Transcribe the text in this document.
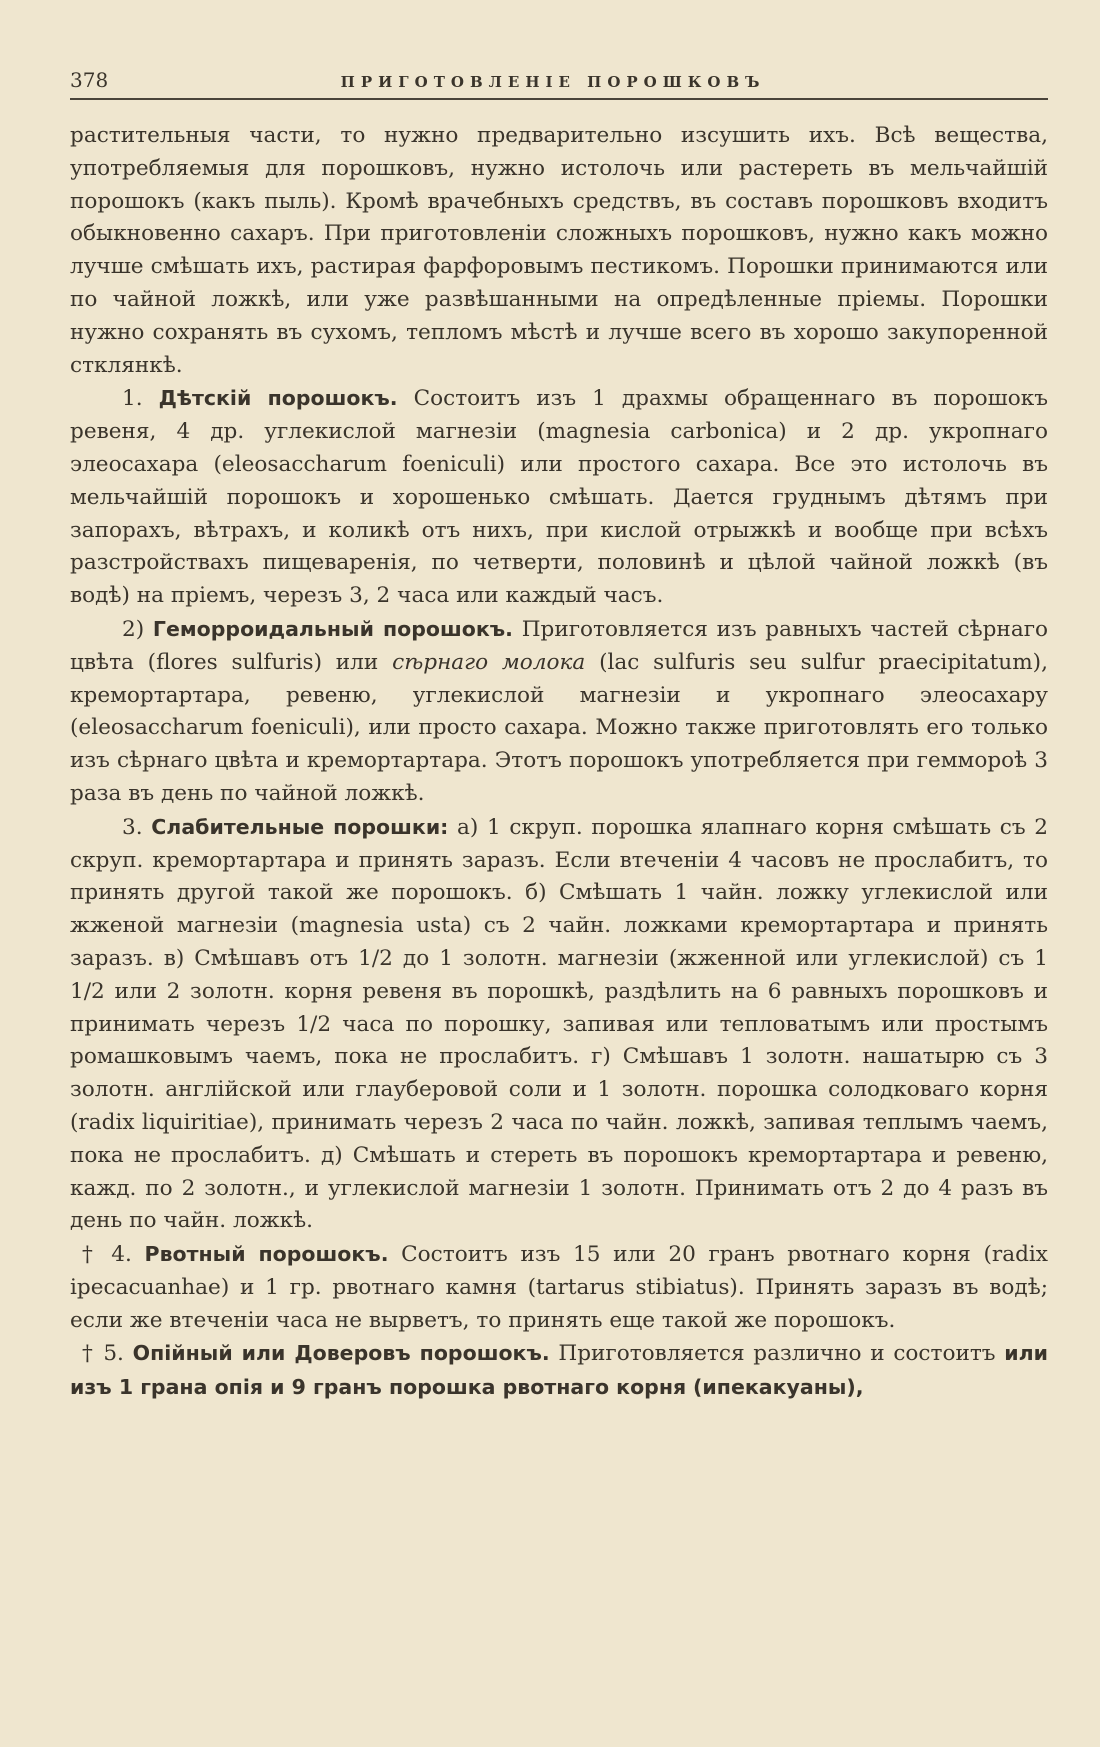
378	ПРИГОТОВЛЕНІЕ ПОРОШКОВЪ

растительныя части, то нужно предварительно изсушить ихъ. Всѣ вещества, употребляемыя для порошковъ, нужно истолочь или растереть въ мельчайшій порошокъ (какъ пыль). Кромѣ врачебныхъ средствъ, въ составъ порошковъ входитъ обыкновенно сахаръ. При приготовленіи сложныхъ порошковъ, нужно какъ можно лучше смѣшать ихъ, растирая фарфоровымъ пестикомъ. Порошки принимаются или по чайной ложкѣ, или уже развѣшанными на опредѣленные пріемы. Порошки нужно сохранять въ сухомъ, тепломъ мѣстѣ и лучше всего въ хорошо закупоренной стклянкѣ.

1. Дѣтскій порошокъ. Состоитъ изъ 1 драхмы обращеннаго въ порошокъ ревеня, 4 др. углекислой магнезіи (magnesia carbonica) и 2 др. укропнаго элеосахара (eleosaccharum foeniculi) или простого сахара. Все это истолочь въ мельчайшій порошокъ и хорошенько смѣшать. Дается груднымъ дѣтямъ при запорахъ, вѣтрахъ, и коликѣ отъ нихъ, при кислой отрыжкѣ и вообще при всѣхъ разстройствахъ пищеваренія, по четверти, половинѣ и цѣлой чайной ложкѣ (въ водѣ) на пріемъ, черезъ 3, 2 часа или каждый часъ.

2) Геморроидальный порошокъ. Приготовляется изъ равныхъ частей сѣрнаго цвѣта (flores sulfuris) или сѣрнаго молока (lac sulfuris seu sulfur praecipitatum), кремортартара, ревеню, углекислой магнезіи и укропнаго элеосахару (eleosaccharum foeniculi), или просто сахара. Можно также приготовлять его только изъ сѣрнаго цвѣта и кремортартара. Этотъ порошокъ употребляется при геммороѣ 3 раза въ день по чайной ложкѣ.

3. Слабительные порошки: а) 1 скруп. порошка ялапнаго корня смѣшать съ 2 скруп. кремортартара и принять заразъ. Если втеченіи 4 часовъ не прослабитъ, то принять другой такой же порошокъ. б) Смѣшать 1 чайн. ложку углекислой или жженой магнезіи (magnesia usta) съ 2 чайн. ложками кремортартара и принять заразъ. в) Смѣшавъ отъ 1/2 до 1 золотн. магнезіи (жженной или углекислой) съ 1 1/2 или 2 золотн. корня ревеня въ порошкѣ, раздѣлить на 6 равныхъ порошковъ и принимать черезъ 1/2 часа по порошку, запивая или тепловатымъ или простымъ ромашковымъ чаемъ, пока не прослабитъ. г) Смѣшавъ 1 золотн. нашатырю съ 3 золотн. англійской или глауберовой соли и 1 золотн. порошка солодковаго корня (radix liquiritiae), принимать черезъ 2 часа по чайн. ложкѣ, запивая теплымъ чаемъ, пока не прослабитъ. д) Смѣшать и стереть въ порошокъ кремортартара и ревеню, кажд. по 2 золотн., и углекислой магнезіи 1 золотн. Принимать отъ 2 до 4 разъ въ день по чайн. ложкѣ.

† 4. Рвотный порошокъ. Состоитъ изъ 15 или 20 гранъ рвотнаго корня (radix ipecacuanhae) и 1 гр. рвотнаго камня (tartarus stibiatus). Принять заразъ въ водѣ; если же втеченіи часа не вырветъ, то принять еще такой же порошокъ.

† 5. Опійный или Доверовъ порошокъ. Приготовляется различно и состоитъ или изъ 1 грана опія и 9 гранъ порошка рвотнаго корня (ипекакуаны),
